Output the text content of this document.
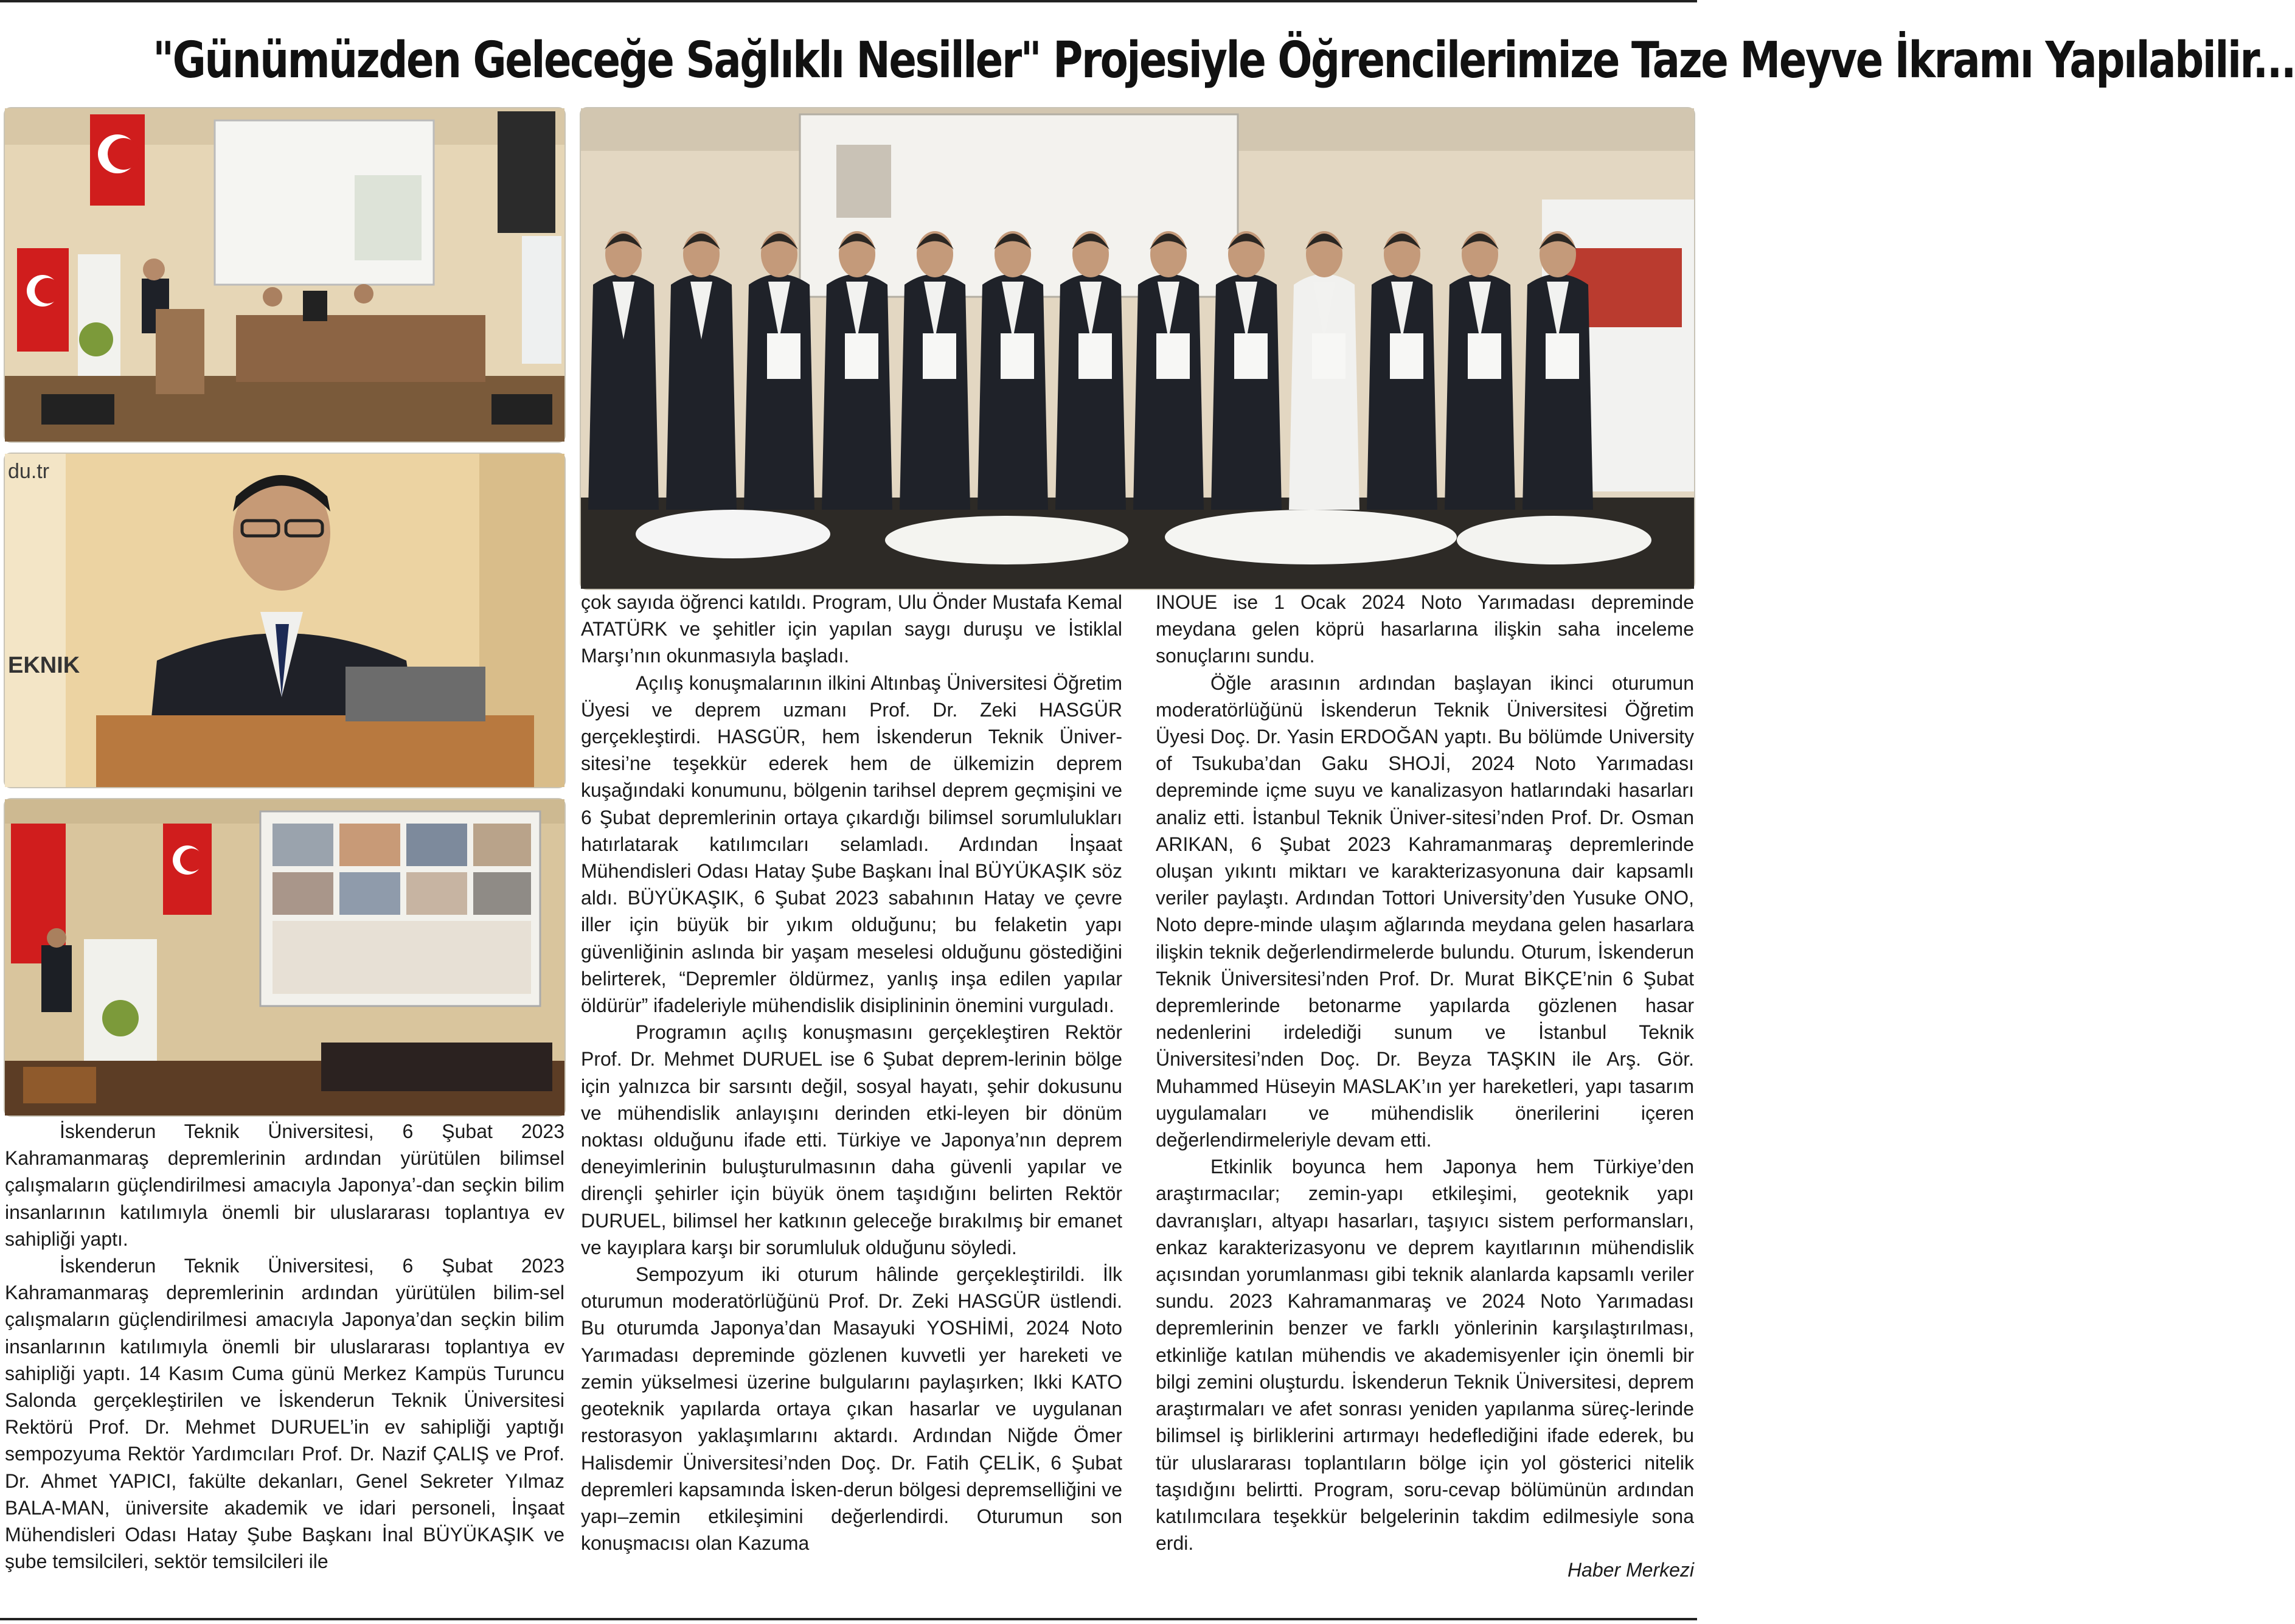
"Günümüzden Geleceğe Sağlıklı Nesiller" Projesiyle Öğrencilerimize Taze Meyve İkramı Yapılabilir...
du.tr
EKNIK

İskenderun Teknik Üniversitesi, 6 Şubat 2023 Kahramanmaraş depremlerinin ardından yürütülen bilimsel çalışmaların güçlendirilmesi amacıyla Japonya’-dan seçkin bilim insanlarının katılımıyla önemli bir uluslararası toplantıya ev sahipliği yaptı.

İskenderun Teknik Üniversitesi, 6 Şubat 2023 Kahramanmaraş depremlerinin ardından yürütülen bilim-sel çalışmaların güçlendirilmesi amacıyla Japonya’dan seçkin bilim insanlarının katılımıyla önemli bir uluslararası toplantıya ev sahipliği yaptı. 14 Kasım Cuma günü Merkez Kampüs Turuncu Salonda gerçekleştirilen ve İskenderun Teknik Üniversitesi Rektörü Prof. Dr. Mehmet DURUEL’in ev sahipliği yaptığı sempozyuma Rektör Yardımcıları Prof. Dr. Nazif ÇALIŞ ve Prof. Dr. Ahmet YAPICI, fakülte dekanları, Genel Sekreter Yılmaz BALA-MAN, üniversite akademik ve idari personeli, İnşaat Mühendisleri Odası Hatay Şube Başkanı İnal BÜYÜKAŞIK ve şube temsilcileri, sektör temsilcileri ile

çok sayıda öğrenci katıldı. Program, Ulu Önder Mustafa Kemal ATATÜRK ve şehitler için yapılan saygı duruşu ve İstiklal Marşı’nın okunmasıyla başladı.

Açılış konuşmalarının ilkini Altınbaş Üniversitesi Öğretim Üyesi ve deprem uzmanı Prof. Dr. Zeki HASGÜR gerçekleştirdi. HASGÜR, hem İskenderun Teknik Üniver-sitesi’ne teşekkür ederek hem de ülkemizin deprem kuşağındaki konumunu, bölgenin tarihsel deprem geçmişini ve 6 Şubat depremlerinin ortaya çıkardığı bilimsel sorumlulukları hatırlatarak katılımcıları selamladı. Ardından İnşaat Mühendisleri Odası Hatay Şube Başkanı İnal BÜYÜKAŞIK söz aldı. BÜYÜKAŞIK, 6 Şubat 2023 sabahının Hatay ve çevre iller için büyük bir yıkım olduğunu; bu felaketin yapı güvenliğinin aslında bir yaşam meselesi olduğunu göstediğini belirterek, “Depremler öldürmez, yanlış inşa edilen yapılar öldürür” ifadeleriyle mühendislik disiplininin önemini vurguladı.

Programın açılış konuşmasını gerçekleştiren Rektör Prof. Dr. Mehmet DURUEL ise 6 Şubat deprem-lerinin bölge için yalnızca bir sarsıntı değil, sosyal hayatı, şehir dokusunu ve mühendislik anlayışını derinden etki-leyen bir dönüm noktası olduğunu ifade etti. Türkiye ve Japonya’nın deprem deneyimlerinin buluşturulmasının daha güvenli yapılar ve dirençli şehirler için büyük önem taşıdığını belirten Rektör DURUEL, bilimsel her katkının geleceğe bırakılmış bir emanet ve kayıplara karşı bir sorumluluk olduğunu söyledi.

Sempozyum iki oturum hâlinde gerçekleştirildi. İlk oturumun moderatörlüğünü Prof. Dr. Zeki HASGÜR üstlendi. Bu oturumda Japonya’dan Masayuki YOSHİMİ, 2024 Noto Yarımadası depreminde gözlenen kuvvetli yer hareketi ve zemin yükselmesi üzerine bulgularını paylaşırken; Ikki KATO geoteknik yapılarda ortaya çıkan hasarlar ve uygulanan restorasyon yaklaşımlarını aktardı. Ardından Niğde Ömer Halisdemir Üniversitesi’nden Doç. Dr. Fatih ÇELİK, 6 Şubat depremleri kapsamında İsken-derun bölgesi depremselliğini ve yapı–zemin etkileşimini değerlendirdi. Oturumun son konuşmacısı olan Kazuma

INOUE ise 1 Ocak 2024 Noto Yarımadası depreminde meydana gelen köprü hasarlarına ilişkin saha inceleme sonuçlarını sundu.

Öğle arasının ardından başlayan ikinci oturumun moderatörlüğünü İskenderun Teknik Üniversitesi Öğretim Üyesi Doç. Dr. Yasin ERDOĞAN yaptı. Bu bölümde University of Tsukuba’dan Gaku SHOJİ, 2024 Noto Yarımadası depreminde içme suyu ve kanalizasyon hatlarındaki hasarları analiz etti. İstanbul Teknik Üniver-sitesi’nden Prof. Dr. Osman ARIKAN, 6 Şubat 2023 Kahramanmaraş depremlerinde oluşan yıkıntı miktarı ve karakterizasyonuna dair kapsamlı veriler paylaştı. Ardından Tottori University’den Yusuke ONO, Noto depre-minde ulaşım ağlarında meydana gelen hasarlara ilişkin teknik değerlendirmelerde bulundu. Oturum, İskenderun Teknik Üniversitesi’nden Prof. Dr. Murat BİKÇE’nin 6 Şubat depremlerinde betonarme yapılarda gözlenen hasar nedenlerini irdelediği sunum ve İstanbul Teknik Üniversitesi’nden Doç. Dr. Beyza TAŞKIN ile Arş. Gör. Muhammed Hüseyin MASLAK’ın yer hareketleri, yapı tasarım uygulamaları ve mühendislik önerilerini içeren değerlendirmeleriyle devam etti.

Etkinlik boyunca hem Japonya hem Türkiye’den araştırmacılar; zemin-yapı etkileşimi, geoteknik yapı davranışları, altyapı hasarları, taşıyıcı sistem performansları, enkaz karakterizasyonu ve deprem kayıtlarının mühendislik açısından yorumlanması gibi teknik alanlarda kapsamlı veriler sundu. 2023 Kahramanmaraş ve 2024 Noto Yarımadası depremlerinin benzer ve farklı yönlerinin karşılaştırılması, etkinliğe katılan mühendis ve akademisyenler için önemli bir bilgi zemini oluşturdu. İskenderun Teknik Üniversitesi, deprem araştırmaları ve afet sonrası yeniden yapılanma süreç-lerinde bilimsel iş birliklerini artırmayı hedeflediğini ifade ederek, bu tür uluslararası toplantıların bölge için yol gösterici nitelik taşıdığını belirtti. Program, soru-cevap bölümünün ardından katılımcılara teşekkür belgelerinin takdim edilmesiyle sona erdi.

Haber Merkezi
